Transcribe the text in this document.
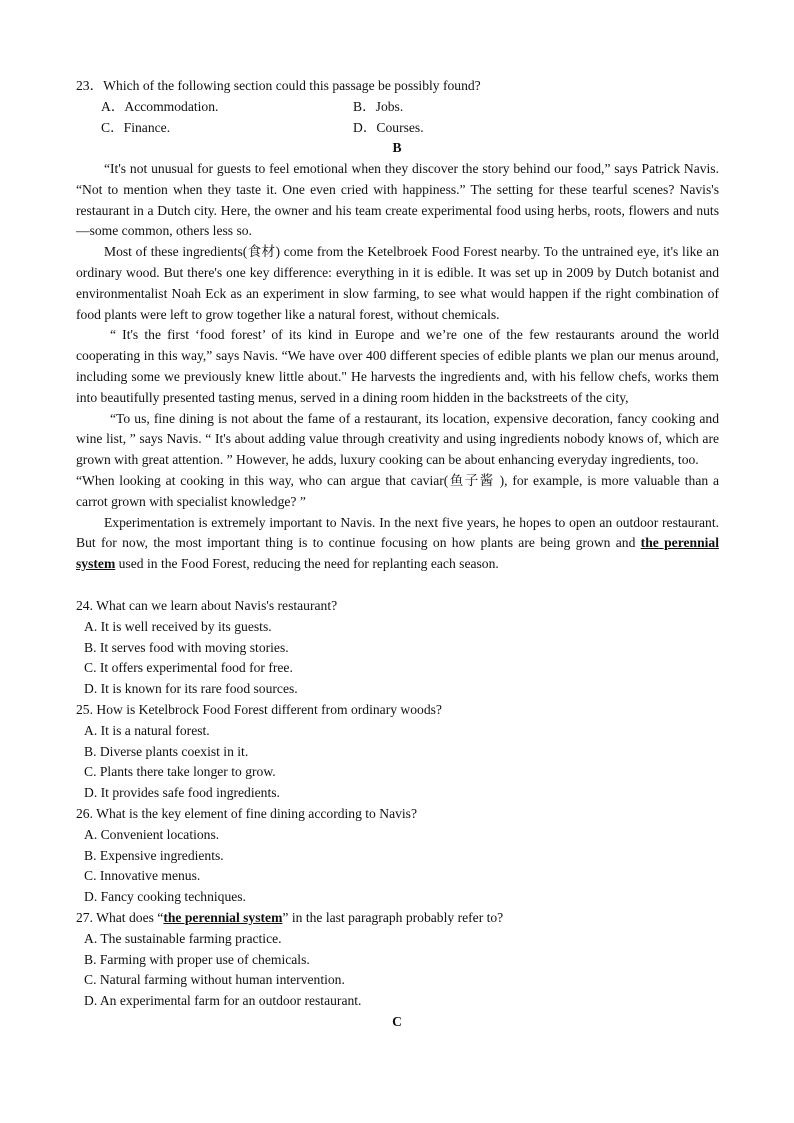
23．Which of the following section could this passage be possibly found?
A．Accommodation.	B．Jobs.
C．Finance.	D．Courses.
B

“It's not unusual for guests to feel emotional when they discover the story behind our food,” says Patrick Navis. “Not to mention when they taste it. One even cried with happiness.” The setting for these tearful scenes? Navis's restaurant in a Dutch city. Here, the owner and his team create experimental food using herbs, roots, flowers and nuts—some common, others less so.

Most of these ingredients(食材) come from the Ketelbroek Food Forest nearby. To the untrained eye, it's like an ordinary wood. But there's one key difference: everything in it is edible. It was set up in 2009 by Dutch botanist and environmentalist Noah Eck as an experiment in slow farming, to see what would happen if the right combination of food plants were left to grow together like a natural forest, without chemicals.

“ It's the first ‘food forest’ of its kind in Europe and we’re one of the few restaurants around the world cooperating in this way,” says Navis. “We have over 400 different species of edible plants we plan our menus around, including some we previously knew little about." He harvests the ingredients and, with his fellow chefs, works them into beautifully presented tasting menus, served in a dining room hidden in the backstreets of the city,

“To us, fine dining is not about the fame of a restaurant, its location, expensive decoration, fancy cooking and wine list, ” says Navis. “ It's about adding value through creativity and using ingredients nobody knows of, which are grown with great attention. ” However, he adds, luxury cooking can be about enhancing everyday ingredients, too.

“When looking at cooking in this way, who can argue that caviar(鱼子酱 ), for example, is more valuable than a carrot grown with specialist knowledge? ”

Experimentation is extremely important to Navis. In the next five years, he hopes to open an outdoor restaurant. But for now, the most important thing is to continue focusing on how plants are being grown and the perennial system used in the Food Forest, reducing the need for replanting each season.

24. What can we learn about Navis's restaurant?
A. It is well received by its guests.
B. It serves food with moving stories.
C. It offers experimental food for free.
D. It is known for its rare food sources.
25. How is Ketelbrock Food Forest different from ordinary woods?
A. It is a natural forest.
B. Diverse plants coexist in it.
C. Plants there take longer to grow.
D. It provides safe food ingredients.
26. What is the key element of fine dining according to Navis?
A. Convenient locations.
B. Expensive ingredients.
C. Innovative menus.
D. Fancy cooking techniques.
27. What does “the perennial system” in the last paragraph probably refer to?
A. The sustainable farming practice.
B. Farming with proper use of chemicals.
C. Natural farming without human intervention.
D. An experimental farm for an outdoor restaurant.
C
